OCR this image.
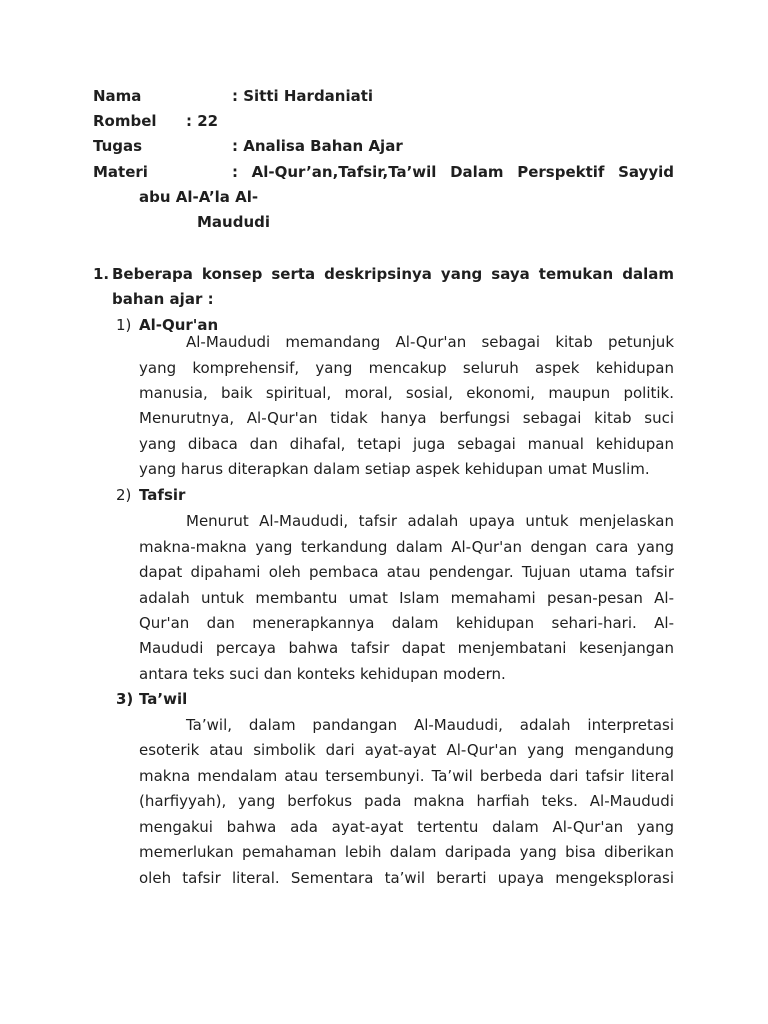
Nama	: Sitti Hardaniati
Rombel : 22
Tugas	: Analisa Bahan Ajar
Materi	: Al-Qur’an,Tafsir,Ta’wil Dalam Perspektif Sayyid
abu Al-A’la Al-
Maududi
1. Beberapa konsep serta deskripsinya yang saya temukan dalam
bahan ajar :
1) Al-Qur'an
Al-Maududi memandang Al-Qur'an sebagai kitab petunjuk
yang komprehensif, yang mencakup seluruh aspek kehidupan
manusia, baik spiritual, moral, sosial, ekonomi, maupun politik.
Menurutnya, Al-Qur'an tidak hanya berfungsi sebagai kitab suci
yang dibaca dan dihafal, tetapi juga sebagai manual kehidupan
yang harus diterapkan dalam setiap aspek kehidupan umat Muslim.
2) Tafsir
Menurut Al-Maududi, tafsir adalah upaya untuk menjelaskan
makna-makna yang terkandung dalam Al-Qur'an dengan cara yang
dapat dipahami oleh pembaca atau pendengar. Tujuan utama tafsir
adalah untuk membantu umat Islam memahami pesan-pesan Al-
Qur'an dan menerapkannya dalam kehidupan sehari-hari. Al-
Maududi percaya bahwa tafsir dapat menjembatani kesenjangan
antara teks suci dan konteks kehidupan modern.
3) Ta’wil
Ta’wil, dalam pandangan Al-Maududi, adalah interpretasi
esoterik atau simbolik dari ayat-ayat Al-Qur'an yang mengandung
makna mendalam atau tersembunyi. Ta’wil berbeda dari tafsir literal
(harfiyyah), yang berfokus pada makna harfiah teks. Al-Maududi
mengakui bahwa ada ayat-ayat tertentu dalam Al-Qur'an yang
memerlukan pemahaman lebih dalam daripada yang bisa diberikan
oleh tafsir literal. Sementara ta’wil berarti upaya mengeksplorasi
